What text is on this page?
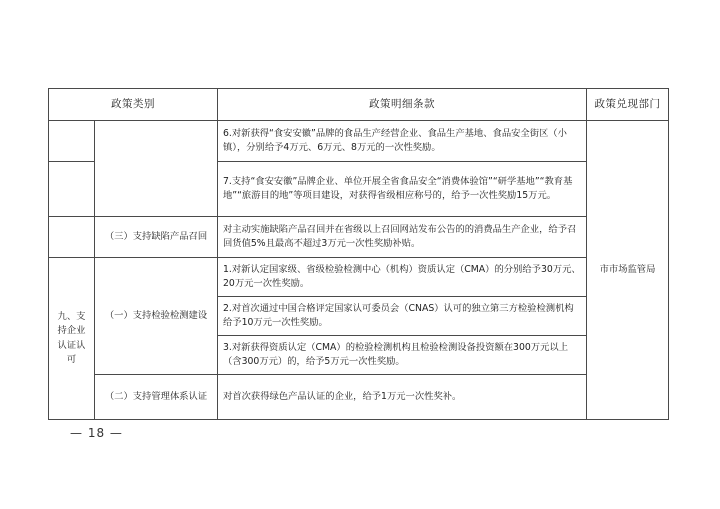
政策类别		政策明细条款	政策兑现部门
		6.对新获得“食安安徽”品牌的食品生产经营企业、食品生产基地、食品安全街区（小镇），分别给予4万元、6万元、8万元的一次性奖励。	市市场监管局
		7.支持“食安安徽”品牌企业、单位开展全省食品安全“消费体验馆”“研学基地”“教育基地”“旅游目的地”等项目建设，对获得省级相应称号的，给予一次性奖励15万元。	
	（三）支持缺陷产品召回	对主动实施缺陷产品召回并在省级以上召回网站发布公告的的消费品生产企业，给予召回货值5%且最高不超过3万元一次性奖励补贴。	
九、支持企业认证认可	（一）支持检验检测建设	1.对新认定国家级、省级检验检测中心（机构）资质认定（CMA）的分别给予30万元、20万元一次性奖励。	
		2.对首次通过中国合格评定国家认可委员会（CNAS）认可的独立第三方检验检测机构给予10万元一次性奖励。	
		3.对新获得资质认定（CMA）的检验检测机构且检验检测设备投资额在300万元以上（含300万元）的，给予5万元一次性奖励。	
	（二）支持管理体系认证	对首次获得绿色产品认证的企业，给予1万元一次性奖补。	
— 18 —
